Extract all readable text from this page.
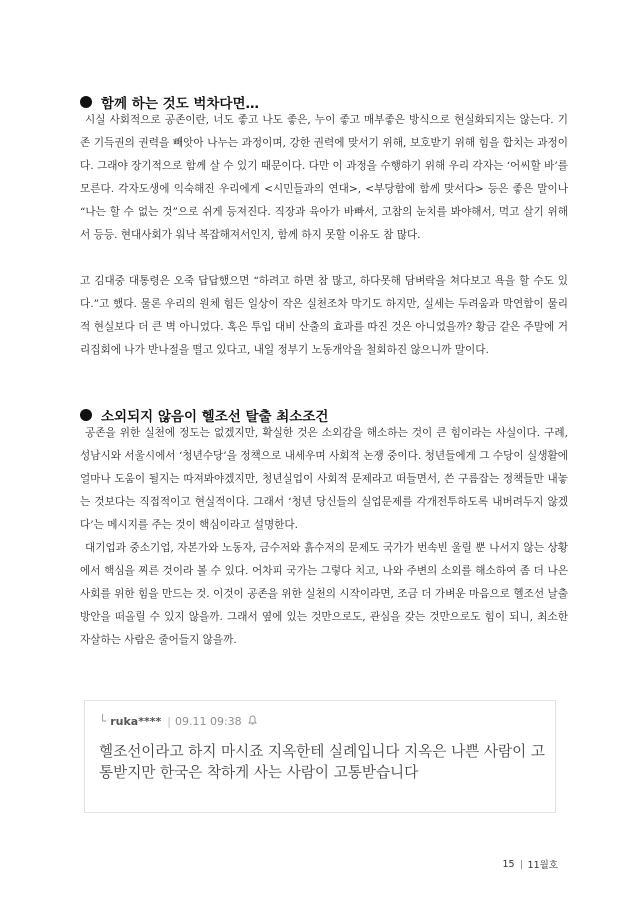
함께 하는 것도 벅차다면…

시실 사회적으로 공존이란, 너도 좋고 나도 좋은, 누이 좋고 매부좋은 방식으로 현실화되지는 않는다. 기존 기득권의 권력을 빼앗아 나누는 과정이며, 강한 권력에 맞서기 위해, 보호받기 위해 힘을 합치는 과정이다. 그래야 장기적으로 함께 살 수 있기 때문이다. 다만 이 과정을 수행하기 위해 우리 각자는 ‘어씨할 바’를 모른다. 각자도생에 익숙해진 우리에게 <시민들과의 연대>, <부당함에 함께 맞서다> 등은 좋은 말이나 “나는 할 수 없는 것”으로 쉬게 등져진다. 직장과 육아가 바빠서, 고참의 눈치를 봐야해서, 먹고 살기 위해서 등등. 현대사회가 워낙 복잡해져서인지, 함께 하지 못할 이유도 참 많다.

고 김대중 대통령은 오죽 답답했으면 “하려고 하면 참 많고, 하다못해 담벼락을 쳐다보고 욕을 할 수도 있다.”고 했다. 물론 우리의 원체 힘든 일상이 작은 실천조차 막기도 하지만, 실세는 두려움과 막연함이 물리적 현실보다 더 큰 벽 아니었다. 혹은 투입 대비 산출의 효과를 따진 것은 아니었을까? 황금 같은 주말에 거리집회에 나가 반나절을 떨고 있다고, 내일 정부기 노동개악을 철회하진 않으니까 말이다.

소외되지 않음이 헬조선 탈출 최소조건

공존을 위한 실천에 정도는 없겠지만, 확실한 것은 소외감을 해소하는 것이 큰 힘이라는 사실이다. 구례, 성남시와 서울시에서 ‘청년수당’을 정책으로 내세우며 사회적 논쟁 중이다. 청년들에게 그 수당이 실생활에 얼마나 도움이 될지는 따져봐야겠지만, 청년실업이 사회적 문제라고 떠들면서, 쓴 구름잡는 정책들만 내놓는 것보다는 직접적이고 현실적이다. 그래서 ‘청년 당신들의 실업문제를 각개전투하도록 내버려두지 않겠다’는 메시지를 주는 것이 핵심이라고 설명한다.

대기업과 중소기업, 자본가와 노동자, 금수저와 흙수저의 문제도 국가가 번속빈 울릴 뿐 나서지 않는 상황에서 핵심을 찌른 것이라 볼 수 있다. 어차피 국가는 그렇다 치고, 나와 주변의 소외를 해소하여 좀 더 나은 사회를 위한 힘을 만드는 것. 이것이 공존을 위한 실천의 시작이라면, 조금 더 가벼운 마음으로 헬조선 날출 방안을 떠올릴 수 있지 않을까. 그래서 옆에 있는 것만으로도, 관심을 갖는 것만으로도 힘이 되니, 최소한 자살하는 사람은 줄어들지 않을까.

└ ruka**** | 09.11 09:38
헬조선이라고 하지 마시죠 지옥한테 실례입니다 지옥은 나쁜 사람이 고통받지만 한국은 착하게 사는 사람이 고통받습니다
15 11월호
